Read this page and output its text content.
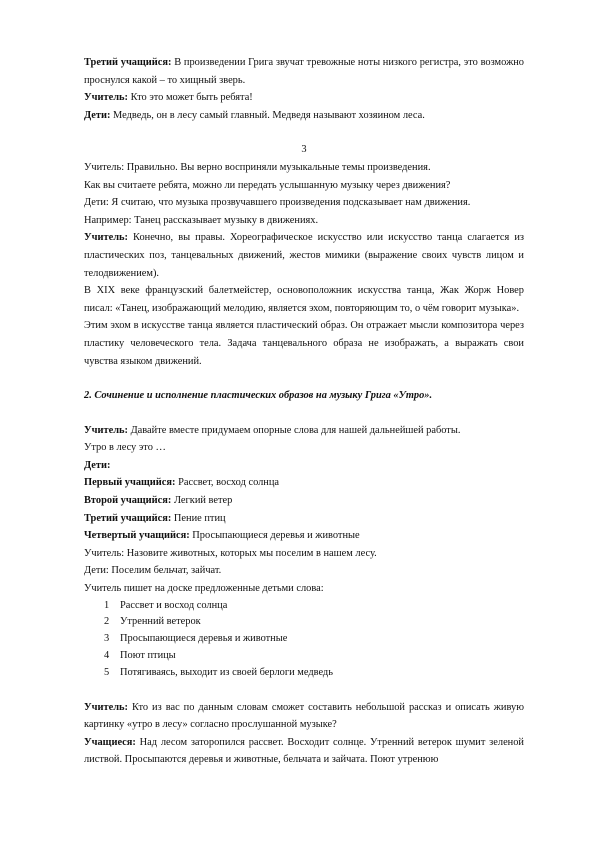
Третий учащийся: В произведении Грига звучат тревожные ноты низкого регистра, это возможно проснулся какой – то хищный зверь.

Учитель: Кто это может быть ребята!

Дети: Медведь, он в лесу самый главный. Медведя называют хозяином леса.

3

Учитель: Правильно. Вы верно восприняли музыкальные темы произведения.

Как вы считаете ребята, можно ли передать услышанную музыку через движения?

Дети: Я считаю, что музыка прозвучавшего произведения подсказывает нам движения.

Например: Танец рассказывает музыку в движениях.

Учитель: Конечно, вы правы. Хореографическое искусство или искусство танца слагается из пластических поз, танцевальных движений, жестов мимики (выражение своих чувств лицом и телодвижением).

В XIX веке французский балетмейстер, основоположник искусства танца, Жак Жорж Новер писал: «Танец, изображающий мелодию, является эхом, повторяющим то, о чём говорит музыка».

Этим эхом в искусстве танца является пластический образ. Он отражает мысли композитора через пластику человеческого тела. Задача танцевального образа не изображать, а выражать свои чувства языком движений.

2. Сочинение и исполнение пластических образов на музыку Грига «Утро».

Учитель: Давайте вместе придумаем опорные слова для нашей дальнейшей работы.

Утро в лесу это …

Дети:

Первый учащийся: Рассвет, восход солнца

Второй учащийся: Легкий ветер

Третий учащийся: Пение птиц

Четвертый учащийся: Просыпающиеся деревья и животные

Учитель: Назовите животных, которых мы поселим в нашем лесу.

Дети: Поселим бельчат, зайчат.

Учитель пишет на доске предложенные детьми слова:

1	Рассвет и восход солнца
2	Утренний ветерок
3	Просыпающиеся деревья и животные
4	Поют птицы
5	Потягиваясь, выходит из своей берлоги медведь

Учитель: Кто из вас по данным словам сможет составить небольшой рассказ и описать живую картинку «утро в лесу» согласно прослушанной музыке?

Учащиеся: Над лесом заторопился рассвет. Восходит солнце. Утренний ветерок шумит зеленой листвой. Просыпаются деревья и животные, бельчата и зайчата. Поют утренюю
